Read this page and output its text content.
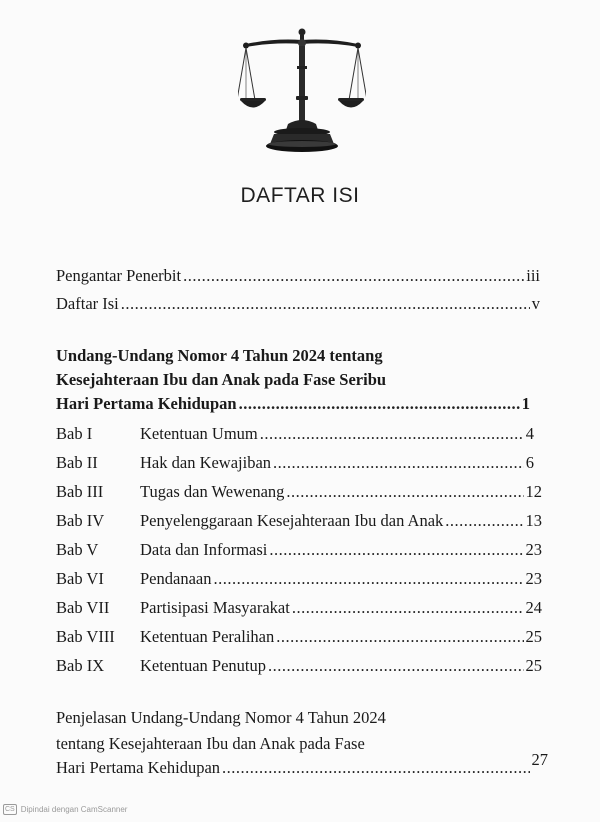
DAFTAR ISI
Pengantar Penerbit .....	iii
Daftar Isi .....	v
Undang-Undang Nomor 4 Tahun 2024 tentang
Kesejahteraan Ibu dan Anak pada Fase Seribu
Hari Pertama Kehidupan .....	1
Bab I	Ketentuan Umum .....	4
Bab II	Hak dan Kewajiban .....	6
Bab III Tugas dan Wewenang .....	12
Bab IV Penyelenggaraan Kesejahteraan Ibu dan Anak .....	13
Bab V	Data dan Informasi .....	23
Bab VI Pendanaan .....	23
Bab VII Partisipasi Masyarakat .....	24
Bab VIII Ketentuan Peralihan .....	25
Bab IX Ketentuan Penutup .....	25
Penjelasan Undang-Undang Nomor 4 Tahun 2024
tentang Kesejahteraan Ibu dan Anak pada Fase
Hari Pertama Kehidupan .....	27
CS Dipindai dengan CamScanner
